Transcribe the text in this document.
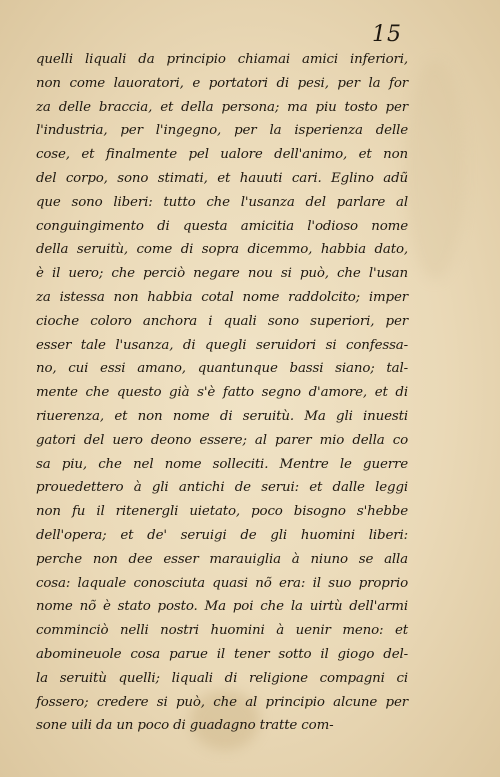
15
quelli liquali da principio chiamai amici inferiori,
non come lauoratori, e portatori di pesi, per la for
za delle braccia, et della persona; ma piu tosto per
l'industria, per l'ingegno, per la isperienza delle
cose, et finalmente pel ualore dell'animo, et non
del corpo, sono stimati, et hauuti cari. Eglino adũ
que sono liberi: tutto che l'usanza del parlare al
conguingimento di questa amicitia l'odioso nome
della seruitù, come di sopra dicemmo, habbia dato,
è il uero; che perciò negare nou si può, che l'usan
za istessa non habbia cotal nome raddolcito; imper
cioche coloro anchora i quali sono superiori, per
esser tale l'usanza, di quegli seruidori si confessa-
no, cui essi amano, quantunque bassi siano; tal-
mente che questo già s'è fatto segno d'amore, et di
riuerenza, et non nome di seruitù. Ma gli inuesti
gatori del uero deono essere; al parer mio della co
sa piu, che nel nome solleciti. Mentre le guerre
prouedettero à gli antichi de serui: et dalle leggi
non fu il ritenergli uietato, poco bisogno s'hebbe
dell'opera; et de' seruigi de gli huomini liberi:
perche non dee esser marauiglia à niuno se alla
cosa: laquale conosciuta quasi nõ era: il suo proprio
nome nõ è stato posto. Ma poi che la uirtù dell'armi
comminciò nelli nostri huomini à uenir meno: et
abomineuole cosa parue il tener sotto il giogo del-
la seruitù quelli; liquali di religione compagni ci
fossero; credere si può, che al principio alcune per
sone uili da un poco di guadagno tratte com-
